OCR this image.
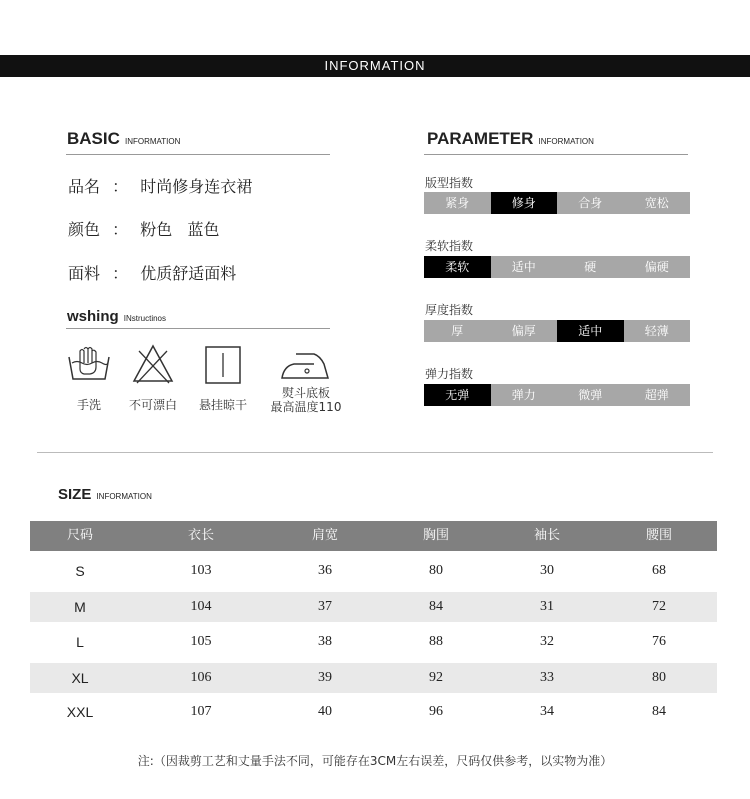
INFORMATION
BASIC INFORMATION
品名 ： 时尚修身连衣裙
颜色 ： 粉色   蓝色
面料 ： 优质舒适面料
wshing INstructinos
手洗	不可漂白	悬挂晾干
熨斗底板
最高温度110
PARAMETER INFORMATION
版型指数
紧身	修身	合身	宽松
柔软指数
柔软	适中	硬	偏硬
厚度指数
厚	偏厚	适中	轻薄
弹力指数
无弹	弹力	微弹	超弹
SIZE INFORMATION
尺码	衣长	肩宽	胸围	袖长	腰围
S	103	36	80	30	68
M	104	37	84	31	72
L	105	38	88	32	76
XL	106	39	92	33	80
XXL	107	40	96	34	84
注:（因裁剪工艺和丈量手法不同，可能存在3CM左右误差，尺码仅供参考，以实物为准）
